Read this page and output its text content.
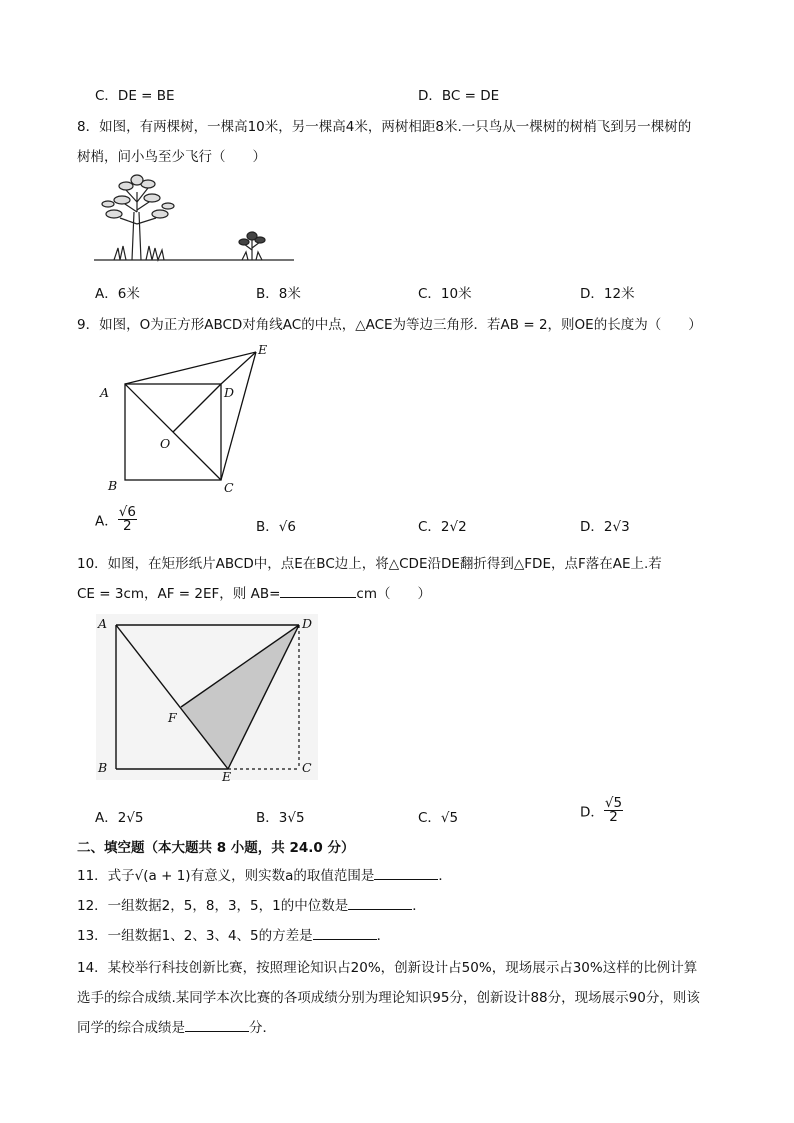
C．DE = BE	D．BC = DE
8．如图，有两棵树，一棵高10米，另一棵高4米，两树相距8米.一只鸟从一棵树的树梢飞到另一棵树的
树梢，问小鸟至少飞行（　　）
A．6米	B．8米	C．10米	D．12米
9．如图，O为正方形ABCD对角线AC的中点，△ACE为等边三角形．若AB = 2，则OE的长度为（　　）
A	D
E
O
B	C
A． $\frac{√6}{2}$	B．√6	C．2√2	D．2√3
10．如图，在矩形纸片ABCD中，点E在BC边上，将△CDE沿DE翻折得到△FDE，点F落在AE上.若
CE = 3cm，AF = 2EF，则 AB=	cm（　　）
A	D
F
B
E
C
A．2√5	B．3√5	C．√5	D． $\frac{√5}{2}$
二、填空题（本大题共 8 小题，共 24.0 分）
11．式子√(a + 1)有意义，则实数a的取值范围是	．
12．一组数据2，5，8，3，5，1的中位数是	．
13．一组数据1、2、3、4、5的方差是	．
14．某校举行科技创新比赛，按照理论知识占20%，创新设计占50%，现场展示占30%这样的比例计算
选手的综合成绩.某同学本次比赛的各项成绩分别为理论知识95分，创新设计88分，现场展示90分，则该
同学的综合成绩是	分．
